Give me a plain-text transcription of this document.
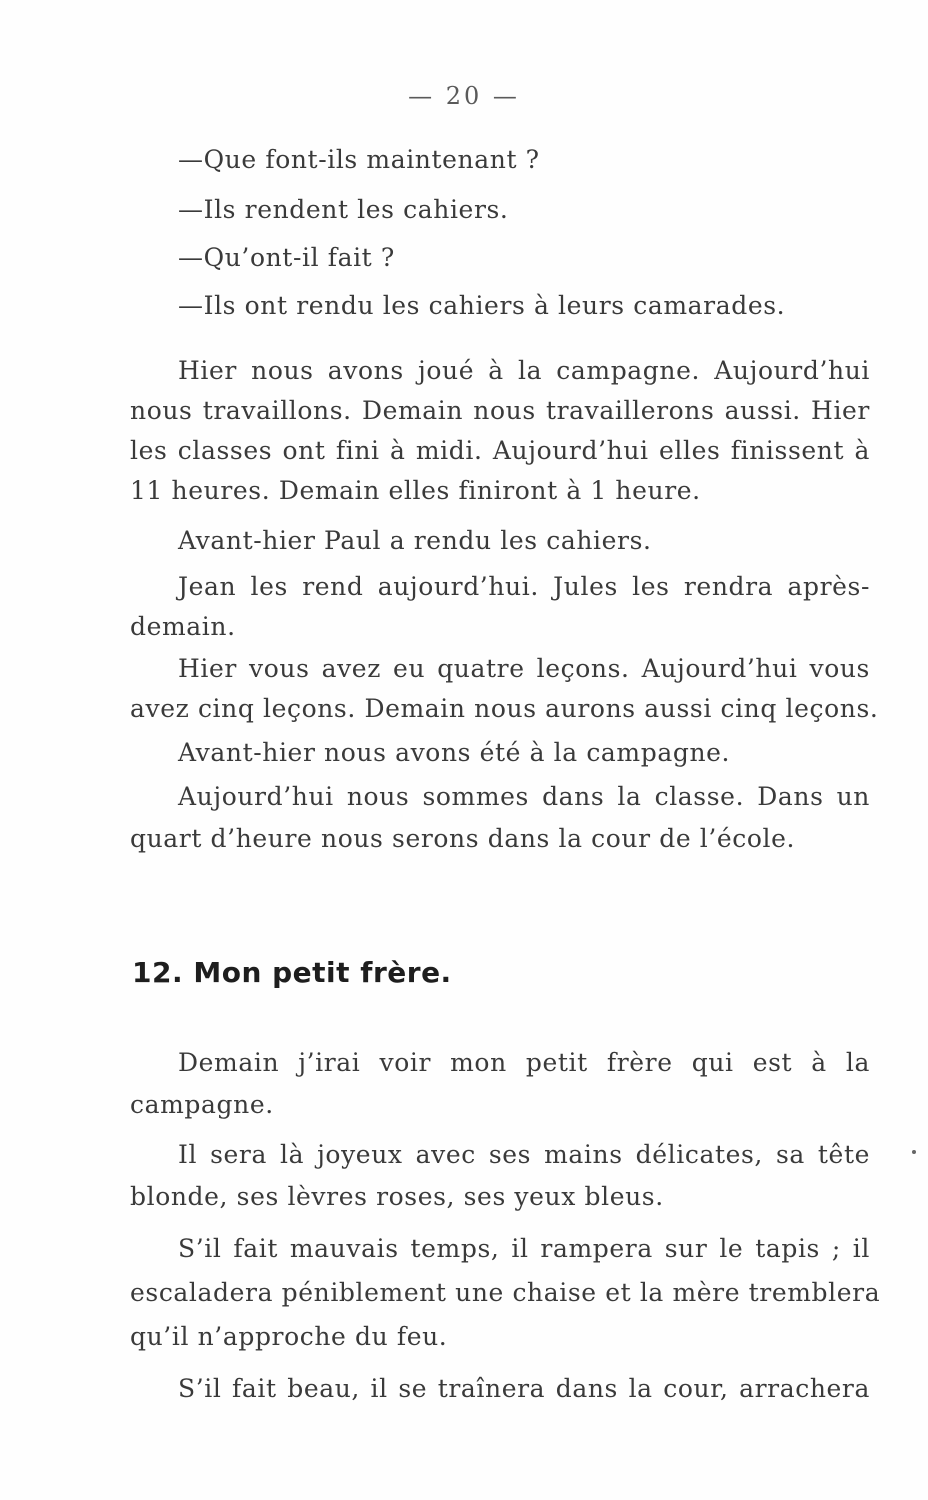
— 20 —
—Que font-ils maintenant ?
—Ils rendent les cahiers.
—Qu’ont-il fait ?
—Ils ont rendu les cahiers à leurs camarades.
Hier nous avons joué à la campagne. Aujourd’hui
nous travaillons. Demain nous travaillerons aussi. Hier
les classes ont fini à midi. Aujourd’hui elles finissent à
11 heures. Demain elles finiront à 1 heure.
Avant-hier Paul a rendu les cahiers.
Jean les rend aujourd’hui. Jules les rendra après-
demain.
Hier vous avez eu quatre leçons. Aujourd’hui vous
avez cinq leçons. Demain nous aurons aussi cinq leçons.
Avant-hier nous avons été à la campagne.
Aujourd’hui nous sommes dans la classe. Dans un
quart d’heure nous serons dans la cour de l’école.
12. Mon petit frère.
Demain j’irai voir mon petit frère qui est à la
campagne.
Il sera là joyeux avec ses mains délicates, sa tête
blonde, ses lèvres roses, ses yeux bleus.
S’il fait mauvais temps, il rampera sur le tapis ; il
escaladera péniblement une chaise et la mère tremblera
qu’il n’approche du feu.
S’il fait beau, il se traînera dans la cour, arrachera
